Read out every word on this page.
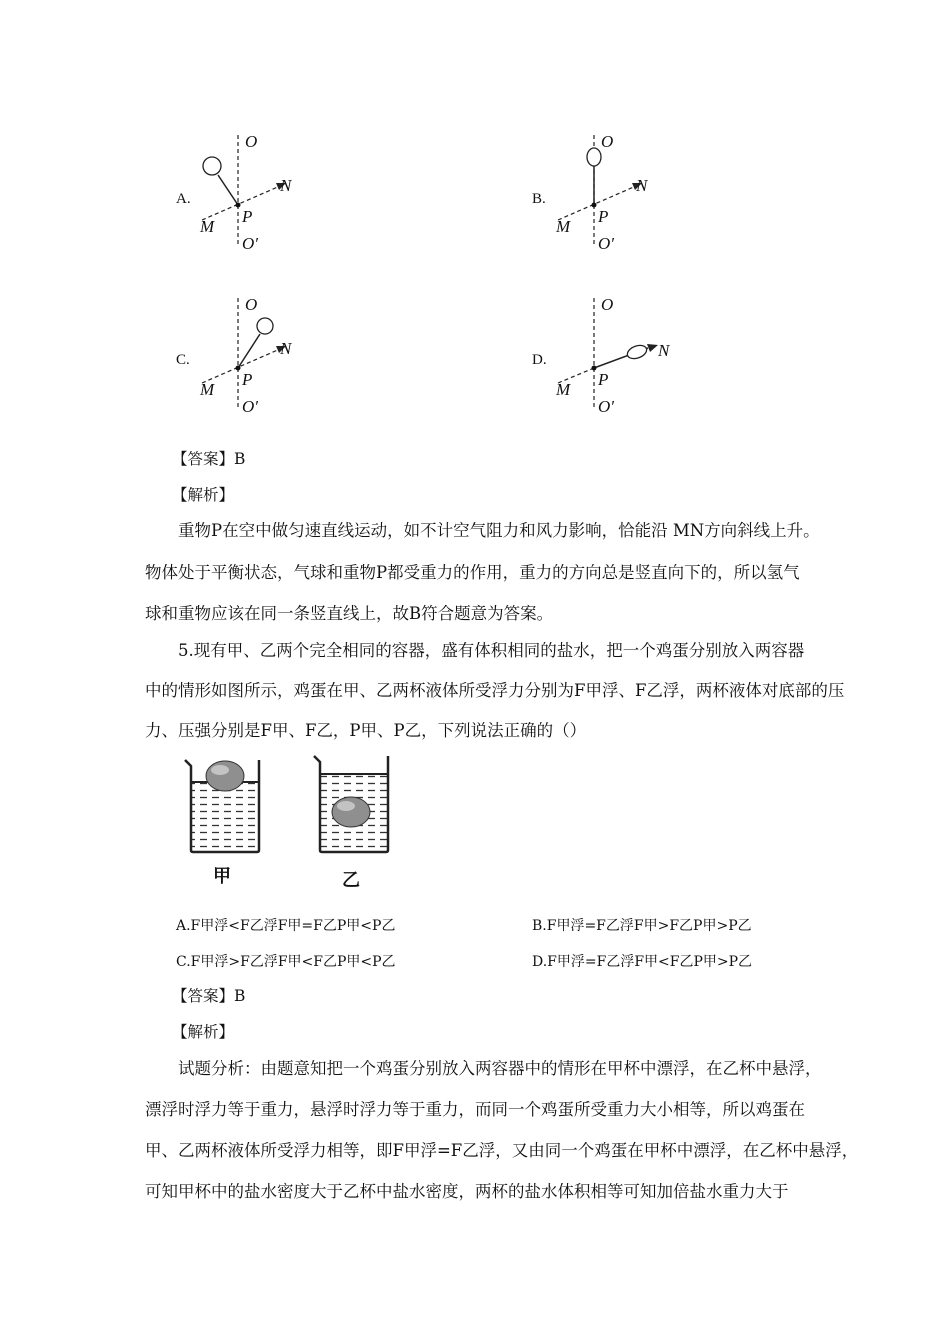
A.
O
N
P
M
O′
B.
O
N
P
M
O′
C.
O
N
P
M
O′
D.
O
N
P
M
O′
【答案】B
【解析】
重物P在空中做匀速直线运动，如不计空气阻力和风力影响，恰能沿 MN方向斜线上升。
物体处于平衡状态，气球和重物P都受重力的作用，重力的方向总是竖直向下的，所以氢气
球和重物应该在同一条竖直线上，故B符合题意为答案。
5.现有甲、乙两个完全相同的容器，盛有体积相同的盐水，把一个鸡蛋分别放入两容器
中的情形如图所示，鸡蛋在甲、乙两杯液体所受浮力分别为F甲浮、F乙浮，两杯液体对底部的压
力、压强分别是F甲、F乙，P甲、P乙，下列说法正确的（）
甲	乙
A.F甲浮<F乙浮F甲=F乙P甲<P乙	B.F甲浮=F乙浮F甲>F乙P甲>P乙
C.F甲浮>F乙浮F甲<F乙P甲<P乙	D.F甲浮=F乙浮F甲<F乙P甲>P乙
【答案】B
【解析】
试题分析：由题意知把一个鸡蛋分别放入两容器中的情形在甲杯中漂浮，在乙杯中悬浮，
漂浮时浮力等于重力，悬浮时浮力等于重力，而同一个鸡蛋所受重力大小相等，所以鸡蛋在
甲、乙两杯液体所受浮力相等，即F甲浮=F乙浮，又由同一个鸡蛋在甲杯中漂浮，在乙杯中悬浮，
可知甲杯中的盐水密度大于乙杯中盐水密度，两杯的盐水体积相等可知加倍盐水重力大于
